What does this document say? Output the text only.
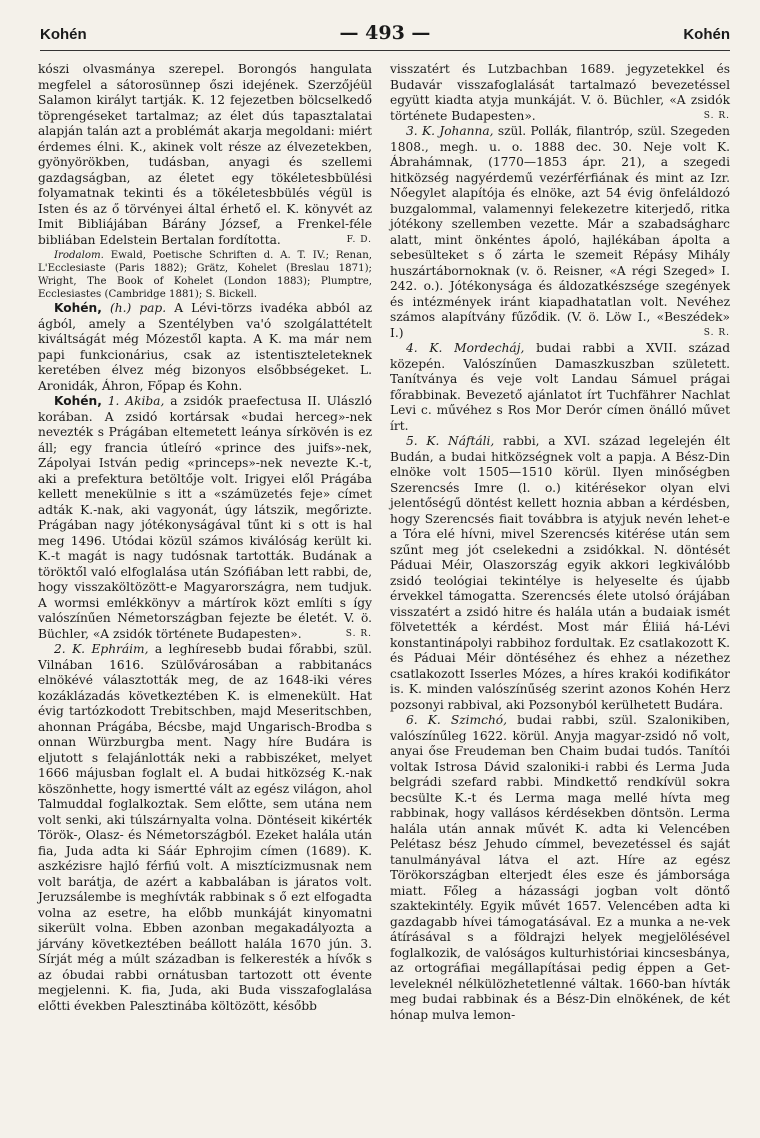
Kohén	— 493 —	Kohén

kószi olvasmánya szerepel. Borongós hangulata megfelel a sátorosünnep őszi idejének. Szerzőjéül Salamon királyt tartják. K. 12 fejezetben bölcselkedő töprengéseket tartalmaz; az élet dús tapasztalatai alapján talán azt a problémát akarja megoldani: miért érdemes élni. K., akinek volt része az élvezetekben, gyönyörökben, tudásban, anyagi és szellemi gazdagságban, az életet egy tökéletesbbülési folyamatnak tekinti és a tökéletesbbülés végül is Isten és az ő törvényei által érhető el. K. könyvét az Imit Bibliájában Bárány József, a Frenkel-féle bibliában Edelstein Bertalan fordította.	F. D.

Irodalom. Ewald, Poetische Schriften d. A. T. IV.; Renan, L'Ecclesiaste (Paris 1882); Grätz, Kohelet (Breslau 1871); Wright, The Book of Kohelet (London 1883); Plumptre, Ecclesiastes (Cambridge 1881); S. Bickell.

Kohén, (h.) pap. A Lévi-törzs ivadéka abból az ágból, amely a Szentélyben va'ó szolgálattételt kiváltságát még Mózestől kapta. A K. ma már nem papi funkcionárius, csak az istentiszteleteknek keretében élvez még bizonyos elsőbbségeket. L. Aronidák, Áhron, Főpap és Kohn.

Kohén, 1. Akiba, a zsidók praefectusa II. Ulászló korában. A zsidó kortársak «budai herceg»-nek nevezték s Prágában eltemetett leánya sírkövén is ez áll; egy francia útleíró «prince des juifs»-nek, Zápolyai István pedig «princeps»-nek nevezte K.-t, aki a prefektura betöltője volt. Irigyei elől Prágába kellett menekülnie s itt a «számüzetés feje» címet adták K.-nak, aki vagyonát, úgy látszik, megőrizte. Prágában nagy jótékonyságával tűnt ki s ott is hal meg 1496. Utódai közül számos kiválóság került ki. K.-t magát is nagy tudósnak tartották. Budának a töröktől való elfoglalása után Szófiában lett rabbi, de, hogy visszaköltözött-e Magyarországra, nem tudjuk. A wormsi emlékkönyv a mártírok közt említi s így valószínűen Németországban fejezte be életét. V. ö. Büchler, «A zsidók története Budapesten».	S. R.

2. K. Ephráim, a leghíresebb budai főrabbi, szül. Vilnában 1616. Szülővárosában a rabbitanács elnökévé választották meg, de az 1648-iki véres kozáklázadás következtében K. is elmenekült. Hat évig tartózkodott Trebitschben, majd Meseritschben, ahonnan Prágába, Bécsbe, majd Ungarisch-Brodba s onnan Würzburgba ment. Nagy híre Budára is eljutott s felajánlották neki a rabbiszéket, melyet 1666 májusban foglalt el. A budai hitközség K.-nak köszönhette, hogy ismertté vált az egész világon, ahol Talmuddal foglalkoztak. Sem előtte, sem utána nem volt senki, aki túlszárnyalta volna. Döntéseit kikérték Török-, Olasz- és Németországból. Ezeket halála után fia, Juda adta ki Sáár Ephrojim címen (1689). K. aszkézisre hajló férfiú volt. A misztícizmusnak nem volt barátja, de azért a kabbalában is járatos volt. Jeruzsálembe is meghívták rabbinak s ő ezt elfogadta volna az esetre, ha előbb munkáját kinyomatni sikerült volna. Ebben azonban megakadályozta a járvány következtében beállott halála 1670 jún. 3. Sírját még a múlt században is felkeresték a hívők s az óbudai rabbi ornátusban tartozott ott évente megjelenni. K. fia, Juda, aki Buda visszafoglalása előtti években Palesztinába költözött, később

visszatért és Lutzbachban 1689. jegyzetekkel és Budavár visszafoglalását tartalmazó bevezetéssel együtt kiadta atyja munkáját. V. ö. Büchler, «A zsidók története Budapesten».	S. R.

3. K. Johanna, szül. Pollák, filantróp, szül. Szegeden 1808., megh. u. o. 1888 dec. 30. Neje volt K. Ábrahámnak, (1770—1853 ápr. 21), a szegedi hitközség nagyérdemű vezérférfiának és mint az Izr. Nőegylet alapítója és elnöke, azt 54 évig önfeláldozó buzgalommal, valamennyi felekezetre kiterjedő, ritka jótékony szellemben vezette. Már a szabadságharc alatt, mint önkéntes ápoló, hajlékában ápolta a sebesülteket s ő zárta le szemeit Répásy Mihály huszártábornoknak (v. ö. Reisner, «A régi Szeged» I. 242. o.). Jótékonysága és áldozatkészsége szegények és intézmények iránt kiapadhatatlan volt. Nevéhez számos alapítvány fűződik. (V. ö. Löw I., «Beszédek» I.)	S. R.

4. K. Mordecháj, budai rabbi a XVII. század közepén. Valószínűen Damaszkuszban született. Tanítványa és veje volt Landau Sámuel prágai főrabbinak. Bevezető ajánlatot írt Tuchfährer Nachlat Levi c. művéhez s Ros Mor Derór címen önálló művet írt.

5. K. Náftáli, rabbi, a XVI. század legelején élt Budán, a budai hitközségnek volt a papja. A Bész-Din elnöke volt 1505—1510 körül. Ilyen minőségben Szerencsés Imre (l. o.) kitérésekor olyan elvi jelentőségű döntést kellett hoznia abban a kérdésben, hogy Szerencsés fiait továbbra is atyjuk nevén lehet-e a Tóra elé hívni, mivel Szerencsés kitérése után sem szűnt meg jót cselekedni a zsidókkal. N. döntését Páduai Méir, Olaszország egyik akkori legkiválóbb zsidó teológiai tekintélye is helyeselte és újabb érvekkel támogatta. Szerencsés élete utolsó órájában visszatért a zsidó hitre és halála után a budaiak ismét fölvetették a kérdést. Most már Éliiá há-Lévi konstantinápolyi rabbihoz fordultak. Ez csatlakozott K. és Páduai Méir döntéséhez és ehhez a nézethez csatlakozott Isserles Mózes, a híres krakói kodifikátor is. K. minden valószínűség szerint azonos Kohén Herz pozsonyi rabbival, aki Pozsonyból kerülhetett Budára.

6. K. Szimchó, budai rabbi, szül. Szalonikiben, valószínűleg 1622. körül. Anyja magyar-zsidó nő volt, anyai őse Freudeman ben Chaim budai tudós. Tanítói voltak Istrosa Dávid szaloniki-i rabbi és Lerma Juda belgrádi szefard rabbi. Mindkettő rendkívül sokra becsülte K.-t és Lerma maga mellé hívta meg rabbinak, hogy vallásos kérdésekben döntsön. Lerma halála után annak művét K. adta ki Velencében Pelétasz bész Jehudo címmel, bevezetéssel és saját tanulmányával látva el azt. Híre az egész Törökországban elterjedt éles esze és jámborsága miatt. Főleg a házassági jogban volt döntő szaktekintély. Egyik művét 1657. Velencében adta ki gazdagabb hívei támogatásával. Ez a munka a ne-vek átírásával s a földrajzi helyek megjelölésével foglalkozik, de valóságos kulturhistóriai kincsesbánya, az ortográfiai megállapításai pedig éppen a Get-leveleknél nélkülözhetetlenné váltak. 1660-ban hívták meg budai rabbinak és a Bész-Din elnökének, de két hónap mulva lemon-
